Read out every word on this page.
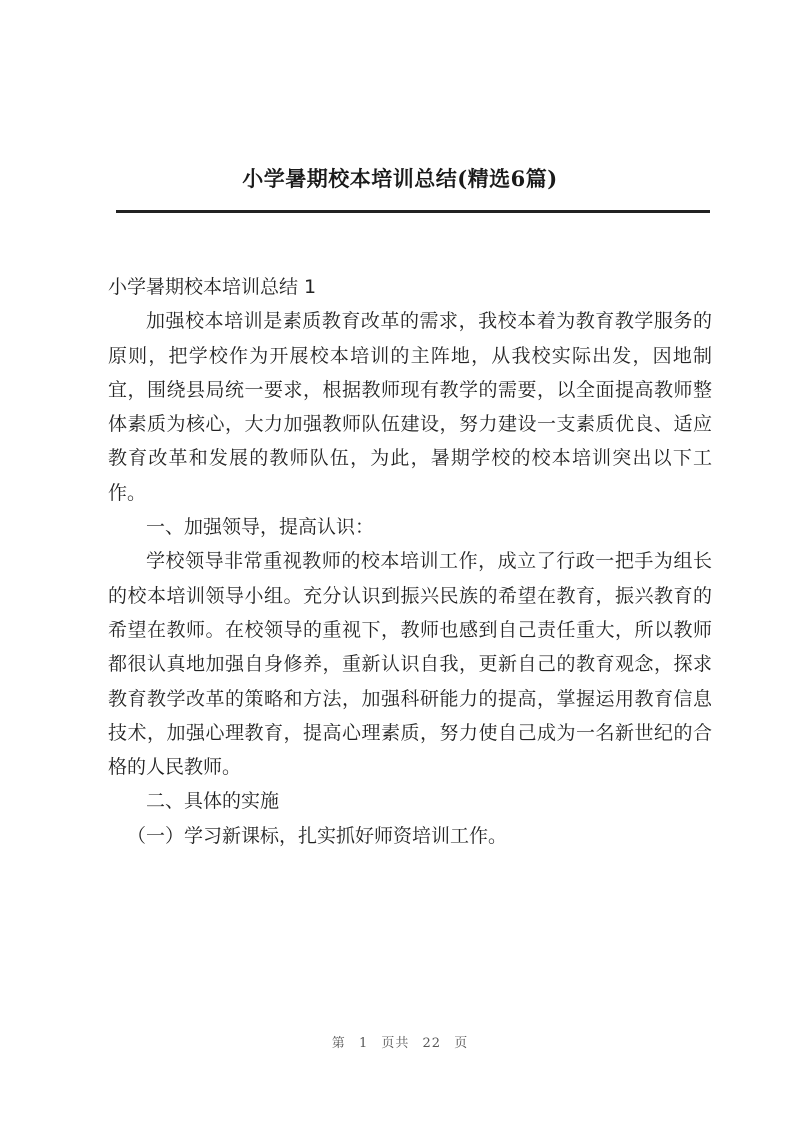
小学暑期校本培训总结(精选6篇)

小学暑期校本培训总结 1

加强校本培训是素质教育改革的需求，我校本着为教育教学服务的原则，把学校作为开展校本培训的主阵地，从我校实际出发，因地制宜，围绕县局统一要求，根据教师现有教学的需要，以全面提高教师整体素质为核心，大力加强教师队伍建设，努力建设一支素质优良、适应教育改革和发展的教师队伍，为此，暑期学校的校本培训突出以下工作。

一、加强领导，提高认识：

学校领导非常重视教师的校本培训工作，成立了行政一把手为组长的校本培训领导小组。充分认识到振兴民族的希望在教育，振兴教育的希望在教师。在校领导的重视下，教师也感到自己责任重大，所以教师都很认真地加强自身修养，重新认识自我，更新自己的教育观念，探求教育教学改革的策略和方法，加强科研能力的提高，掌握运用教育信息技术，加强心理教育，提高心理素质，努力使自己成为一名新世纪的合格的人民教师。

二、具体的实施

（一）学习新课标，扎实抓好师资培训工作。

第 1 页共 22 页
